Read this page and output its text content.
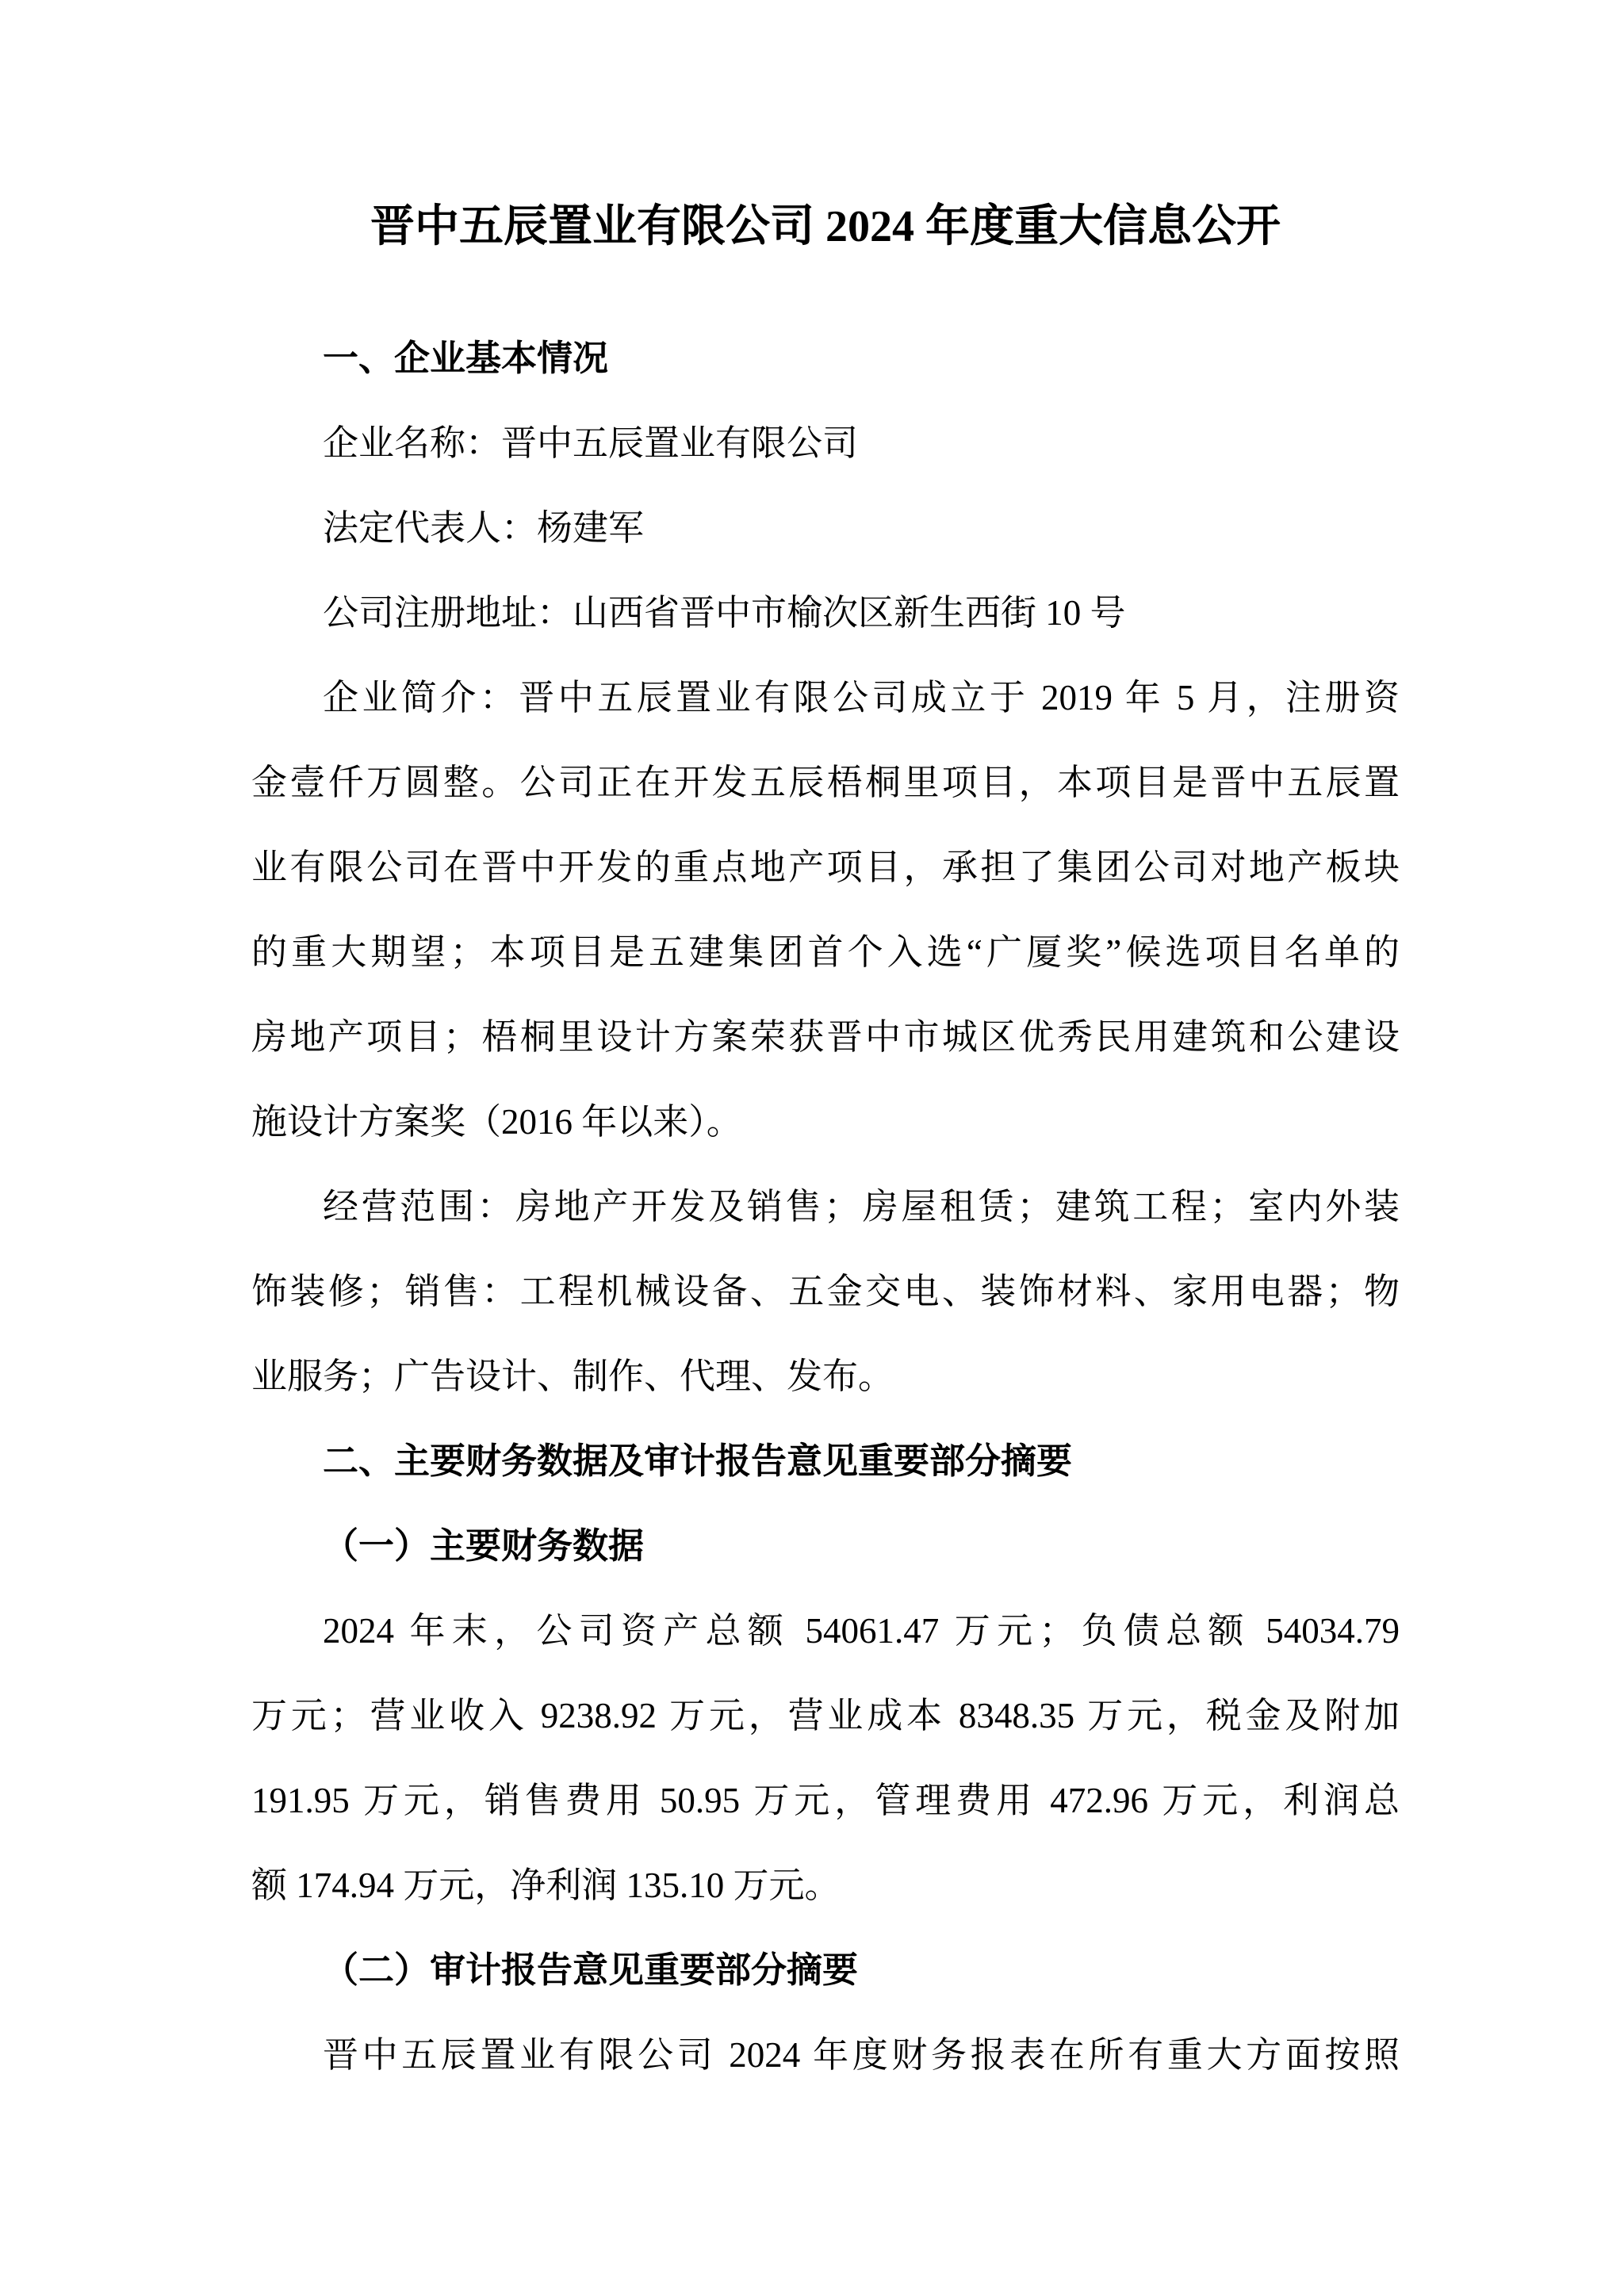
晋中五辰置业有限公司 2024 年度重大信息公开
一、企业基本情况
企业名称：晋中五辰置业有限公司
法定代表人：杨建军
公司注册地址：山西省晋中市榆次区新生西街 10 号
企业简介：晋中五辰置业有限公司成立于 2019 年 5 月，注册资
金壹仟万圆整。公司正在开发五辰梧桐里项目，本项目是晋中五辰置
业有限公司在晋中开发的重点地产项目，承担了集团公司对地产板块
的重大期望；本项目是五建集团首个入选“广厦奖”候选项目名单的
房地产项目；梧桐里设计方案荣获晋中市城区优秀民用建筑和公建设
施设计方案奖（2016 年以来）。
经营范围：房地产开发及销售；房屋租赁；建筑工程；室内外装
饰装修；销售：工程机械设备、五金交电、装饰材料、家用电器；物
业服务；广告设计、制作、代理、发布。
二、主要财务数据及审计报告意见重要部分摘要
（一）主要财务数据
2024 年末，公司资产总额 54061.47 万元；负债总额 54034.79
万元；营业收入 9238.92 万元，营业成本 8348.35 万元，税金及附加
191.95 万元，销售费用 50.95 万元，管理费用 472.96 万元，利润总
额 174.94 万元，净利润 135.10 万元。
（二）审计报告意见重要部分摘要
晋中五辰置业有限公司 2024 年度财务报表在所有重大方面按照
